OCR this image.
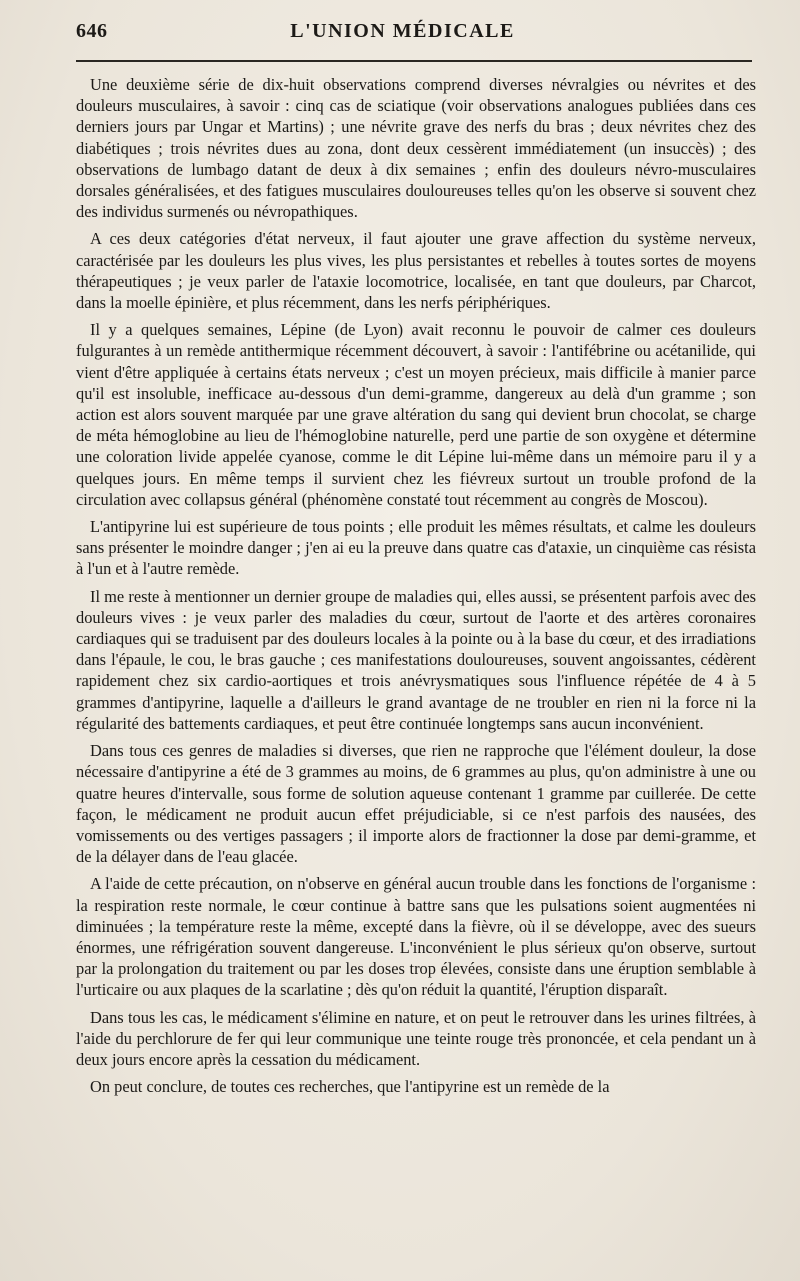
646	L'UNION MÉDICALE

Une deuxième série de dix-huit observations comprend diverses névralgies ou névrites et des douleurs musculaires, à savoir : cinq cas de sciatique (voir observations analogues publiées dans ces derniers jours par Ungar et Martins) ; une névrite grave des nerfs du bras ; deux névrites chez des diabétiques ; trois névrites dues au zona, dont deux cessèrent immédiatement (un insuccès) ; des observations de lumbago datant de deux à dix semaines ; enfin des douleurs névro-musculaires dorsales généralisées, et des fatigues musculaires douloureuses telles qu'on les observe si souvent chez des individus surmenés ou névropathiques.

A ces deux catégories d'état nerveux, il faut ajouter une grave affection du système nerveux, caractérisée par les douleurs les plus vives, les plus persistantes et rebelles à toutes sortes de moyens thérapeutiques ; je veux parler de l'ataxie locomotrice, localisée, en tant que douleurs, par Charcot, dans la moelle épinière, et plus récemment, dans les nerfs périphériques.

Il y a quelques semaines, Lépine (de Lyon) avait reconnu le pouvoir de calmer ces douleurs fulgurantes à un remède antithermique récemment découvert, à savoir : l'antifébrine ou acétanilide, qui vient d'être appliquée à certains états nerveux ; c'est un moyen précieux, mais difficile à manier parce qu'il est insoluble, inefficace au-dessous d'un demi-gramme, dangereux au delà d'un gramme ; son action est alors souvent marquée par une grave altération du sang qui devient brun chocolat, se charge de méta hémoglobine au lieu de l'hémoglobine naturelle, perd une partie de son oxygène et détermine une coloration livide appelée cyanose, comme le dit Lépine lui-même dans un mémoire paru il y a quelques jours. En même temps il survient chez les fiévreux surtout un trouble profond de la circulation avec collapsus général (phénomène constaté tout récemment au congrès de Moscou).

L'antipyrine lui est supérieure de tous points ; elle produit les mêmes résultats, et calme les douleurs sans présenter le moindre danger ; j'en ai eu la preuve dans quatre cas d'ataxie, un cinquième cas résista à l'un et à l'autre remède.

Il me reste à mentionner un dernier groupe de maladies qui, elles aussi, se présentent parfois avec des douleurs vives : je veux parler des maladies du cœur, surtout de l'aorte et des artères coronaires cardiaques qui se traduisent par des douleurs locales à la pointe ou à la base du cœur, et des irradiations dans l'épaule, le cou, le bras gauche ; ces manifestations douloureuses, souvent angoissantes, cédèrent rapidement chez six cardio-aortiques et trois anévrysmatiques sous l'influence répétée de 4 à 5 grammes d'antipyrine, laquelle a d'ailleurs le grand avantage de ne troubler en rien ni la force ni la régularité des battements cardiaques, et peut être continuée longtemps sans aucun inconvénient.

Dans tous ces genres de maladies si diverses, que rien ne rapproche que l'élément douleur, la dose nécessaire d'antipyrine a été de 3 grammes au moins, de 6 grammes au plus, qu'on administre à une ou quatre heures d'intervalle, sous forme de solution aqueuse contenant 1 gramme par cuillerée. De cette façon, le médicament ne produit aucun effet préjudiciable, si ce n'est parfois des nausées, des vomissements ou des vertiges passagers ; il importe alors de fractionner la dose par demi-gramme, et de la délayer dans de l'eau glacée.

A l'aide de cette précaution, on n'observe en général aucun trouble dans les fonctions de l'organisme : la respiration reste normale, le cœur continue à battre sans que les pulsations soient augmentées ni diminuées ; la température reste la même, excepté dans la fièvre, où il se développe, avec des sueurs énormes, une réfrigération souvent dangereuse. L'inconvénient le plus sérieux qu'on observe, surtout par la prolongation du traitement ou par les doses trop élevées, consiste dans une éruption semblable à l'urticaire ou aux plaques de la scarlatine ; dès qu'on réduit la quantité, l'éruption disparaît.

Dans tous les cas, le médicament s'élimine en nature, et on peut le retrouver dans les urines filtrées, à l'aide du perchlorure de fer qui leur communique une teinte rouge très prononcée, et cela pendant un à deux jours encore après la cessation du médicament.

On peut conclure, de toutes ces recherches, que l'antipyrine est un remède de la
